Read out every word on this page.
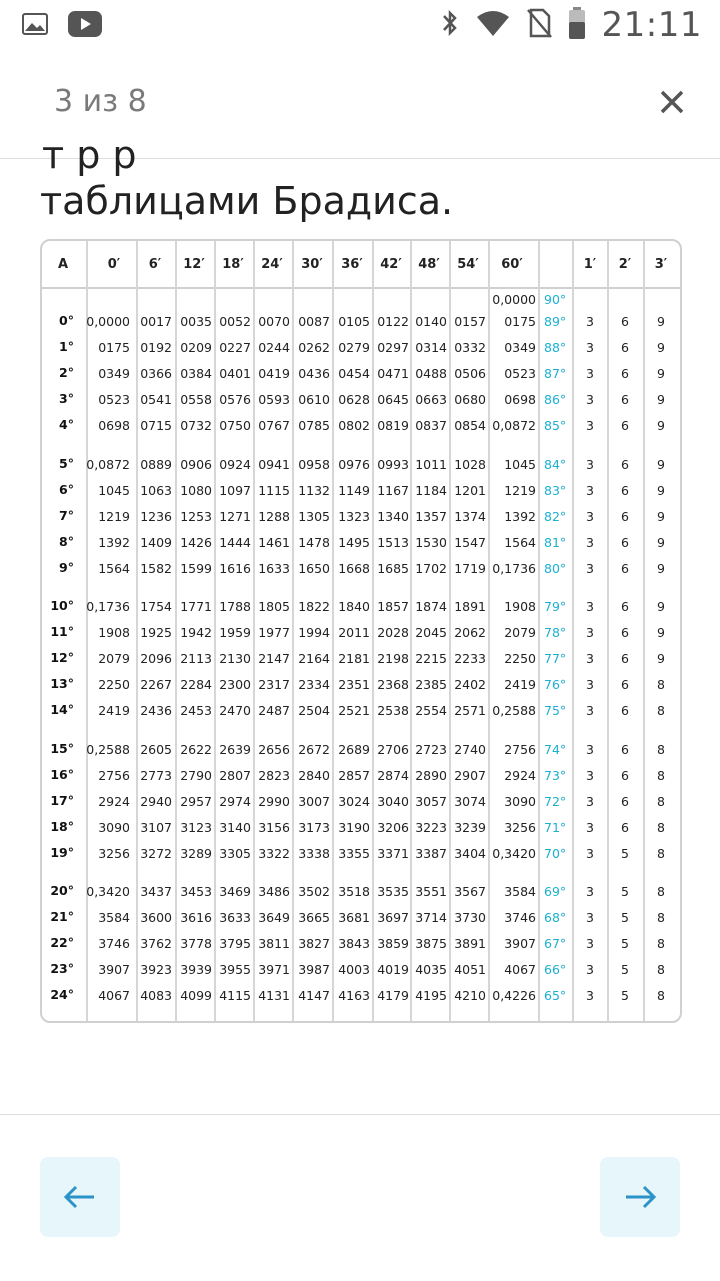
21:11
3 из 8
т р р
таблицами Брадиса.
А	0′ 6′ 12′ 18′ 24′ 30′ 36′ 42′ 48′ 54′ 60′	1′ 2′ 3′
0,0000 90°
0° 0,0000 0017 0035 0052 0070 0087 0105 0122 0140 0157 0175 89° 3 6 9
1° 0175 0192 0209 0227 0244 0262 0279 0297 0314 0332 0349 88° 3 6 9
2° 0349 0366 0384 0401 0419 0436 0454 0471 0488 0506 0523 87° 3 6 9
3° 0523 0541 0558 0576 0593 0610 0628 0645 0663 0680 0698 86° 3 6 9
4° 0698 0715 0732 0750 0767 0785 0802 0819 0837 0854 0,0872 85° 3 6 9
5° 0,0872 0889 0906 0924 0941 0958 0976 0993 1011 1028 1045 84° 3 6 9
6° 1045 1063 1080 1097 1115 1132 1149 1167 1184 1201 1219 83° 3 6 9
7° 1219 1236 1253 1271 1288 1305 1323 1340 1357 1374 1392 82° 3 6 9
8° 1392 1409 1426 1444 1461 1478 1495 1513 1530 1547 1564 81° 3 6 9
9° 1564 1582 1599 1616 1633 1650 1668 1685 1702 1719 0,1736 80° 3 6 9
10° 0,1736 1754 1771 1788 1805 1822 1840 1857 1874 1891 1908 79° 3 6 9
11° 1908 1925 1942 1959 1977 1994 2011 2028 2045 2062 2079 78° 3 6 9
12° 2079 2096 2113 2130 2147 2164 2181 2198 2215 2233 2250 77° 3 6 9
13° 2250 2267 2284 2300 2317 2334 2351 2368 2385 2402 2419 76° 3 6 8
14° 2419 2436 2453 2470 2487 2504 2521 2538 2554 2571 0,2588 75° 3 6 8
15° 0,2588 2605 2622 2639 2656 2672 2689 2706 2723 2740 2756 74° 3 6 8
16° 2756 2773 2790 2807 2823 2840 2857 2874 2890 2907 2924 73° 3 6 8
17° 2924 2940 2957 2974 2990 3007 3024 3040 3057 3074 3090 72° 3 6 8
18° 3090 3107 3123 3140 3156 3173 3190 3206 3223 3239 3256 71° 3 6 8
19° 3256 3272 3289 3305 3322 3338 3355 3371 3387 3404 0,3420 70° 3 5 8
20° 0,3420 3437 3453 3469 3486 3502 3518 3535 3551 3567 3584 69° 3 5 8
21° 3584 3600 3616 3633 3649 3665 3681 3697 3714 3730 3746 68° 3 5 8
22° 3746 3762 3778 3795 3811 3827 3843 3859 3875 3891 3907 67° 3 5 8
23° 3907 3923 3939 3955 3971 3987 4003 4019 4035 4051 4067 66° 3 5 8
24° 4067 4083 4099 4115 4131 4147 4163 4179 4195 4210 0,4226 65° 3 5 8
